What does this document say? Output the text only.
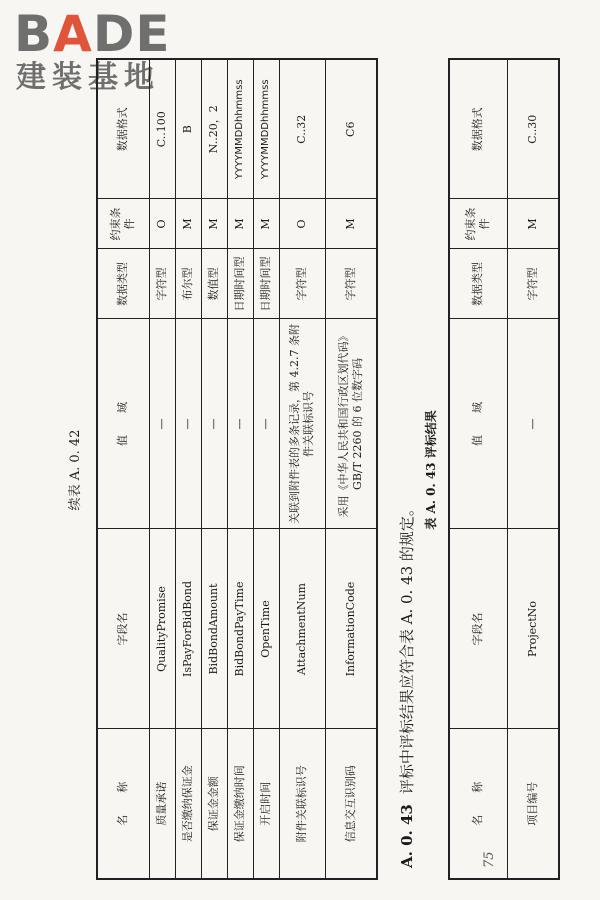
BADE
建装基地
续表 A. 0. 42
名　　称	字段名	值　　域	数据类型	约束条件	数据格式
质量承诺	QualityPromise	—	字符型	O	C..100
是否缴纳保证金	IsPayForBidBond	—	布尔型	M	B
保证金金额	BidBondAmount	—	数值型	M	N..20，2
保证金缴纳时间	BidBondPayTime	—	日期时间型	M	YYYYMMDDhhmmss
开启时间	OpenTime	—	日期时间型	M	YYYYMMDDhhmmss
附件关联标识号	AttachmentNum	关联到附件表的多条记录，第 4.2.7 条附件关联标识号	字符型	O	C..32
信息交互识别码	InformationCode	采用《中华人民共和国行政区划代码》GB/T 2260 的 6 位数字码	字符型	M	C6
A. 0. 43评标中评标结果应符合表 A. 0. 43 的规定。
表 A. 0. 43 评标结果
名　　称	字段名	值　　域	数据类型	约束条件	数据格式
项目编号	ProjectNo	—	字符型	M	C..30
75
